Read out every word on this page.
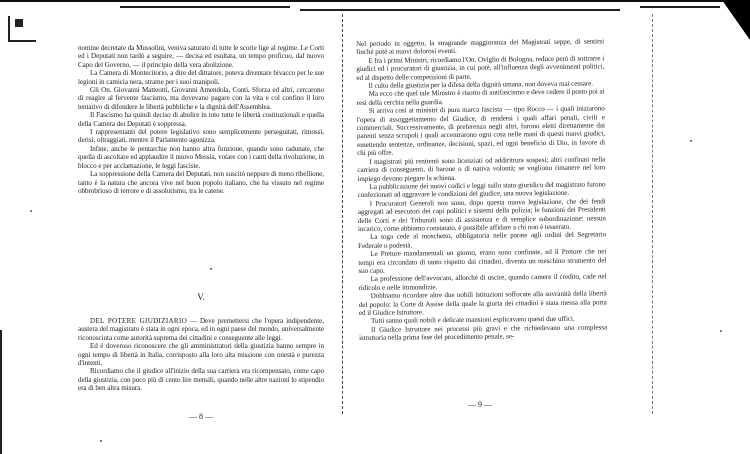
nomine decretate da Mussolini, veniva saturato di tutte le scorie lige al regime. Le Corti ed i Deputati non tardò a seguire, — decisa ed esultata, un tempo proficuo, dal nuovo Capo del Governo, — il principio della vera abolizione.

La Camera di Montecitorio, a dire del dittatore, poteva diventare bivacco per le sue legioni in camicia nera, strame per i suoi manipoli.

Gli On. Giovanni Matteotti, Giovanni Amendola, Conti, Sforza ed altri, cercarono di reagire al fervente fascismo, ma dovevano pagare con la vita e col confino il loro tentativo di difendere le libertà pubbliche e la dignità dell'Assemblea.

Il Fascismo ha quindi deciso di abolire in toto tutte le libertà costituzionali e quella della Camera dei Deputati è soppressa.

I rappresentanti del potere legislativo sono semplicemente perseguitati, rimossi, derisi, oltraggiati, mentre il Parlamento agonizza.

Infine, anche le pentarchie non hanno altra funzione, quando sono radunate, che quella di ascoltare ed applaudire il nuovo Messia, votare con i canti della rivoluzione, in blocco e per acclamazione, le leggi fasciste.

La soppressione della Camera dei Deputati, non suscitò neppure di meno ribellione, tanto è la natura che ancora vive nel buon popolo italiano, che ha vissuto nel regime obbrobrioso di terrore e di assolutismo, tra le catene.

V.

DEL POTERE GIUDIZIARIO — Deve premettersi che l'opera indipendente, austera del magistrato è stata in ogni epoca, ed in ogni paese del mondo, universalmente riconosciuta come autorità suprema dei cittadini e conseguente alle leggi.

Ed è doveroso riconoscere che gli amministratori della giustizia hanno sempre in ogni tempo di libertà in Italia, corrisposto alla loro alta missione con onestà e purezza d'intenti.

Ricordiamo che il giudice all'inizio della sua carriera era ricompensato, come capo della giustizia, con poco più di cento lire mensili, quando nelle altre nazioni lo stipendio era di ben altra misura.

— 8 —

Nel periodo in oggetto, la stragrande maggioranza dei Magistrati seppe, di sentirsi finché poté ai nuovi dolorosi eventi.

E fra i primi Ministri, ricordiamo l'On. Oviglio di Bologna, reduce però di sottrarre i giudici ed i procuratori di giustizia, in cui potè, all'influenza degli avvenimenti politici, ed al dispetto delle competizioni di parte.

Il culto della giustizia per la difesa della dignità umana, non doveva mai cessare.

Ma ecco che quel tale Ministro è risorto di antifascismo e deve cedere il posto poi ai resi della cerchia nella guardia.

Si arriva così ai ministri di pura marca fascista — tipo Rocco — i quali iniziarono l'opera di assoggettamento del Giudice, di rendersi i quali affari penali, civili e commerciali. Successivamente, di preferenza negli altri, furono eletti direttamente dai parenti senza scrupoli i quali accentrarono ogni cosa nelle mani di questi nuovi giudici, emettendo sentenze, ordinanze, decisioni, spazi, ed ogni beneficio di Dio, in favore di chi più offre.

I magistrati più renitenti sono licenziati od addirittura sospesi; altri confinati nella carriera di conseguenti, di barone o di nativa volontà; se vogliono rimanere nel loro impiego devono piegare la schiena.

La pubblicazione dei nuovi codici e leggi sullo stato giuridico del magistrato furono confezionati ad aggravare le condizioni del giudice, una nuova legislazione.

I Procuratori Generali non sono, dopo questa nuova legislazione, che dei fendi aggregati ad esecutori dei capi politici e sistemi della polizia; le funzioni dei Presidenti delle Corti e dei Tribunali sono di assistenza e di semplice subordinazione: nessun incarico, come abbiamo constatato, è possibile affidare a chi non è tesserato.

La toga cede al moschetto, obbligatoria nelle parate agli ordini del Segretario Federale o podestà.

Le Preture mandamentali un giorno, erano sono confinate, ed il Pretore che nei tempi era circondato di tanto rispetto dai cittadini, diventa un meschino strumento del suo capo.

La professione dell'avvocato, allorché di uscire, quando camere il credito, cade nel ridicolo e nelle immondizie.

Dobbiamo ricordare altre due nobili istituzioni soffocate alla sovranità della libertà del popolo: la Corte di Assise della quale la giuria dei cittadini è stata messa alla porta ed il Giudice Istruttore.

Tutti sanno quali nobili e delicate mansioni esplicavano questi due uffici.

Il Giudice Istruttore nei processi più gravi e che richiedevano una complessa istruttoria nella prima fase del procedimento penale, se-

— 9 —
